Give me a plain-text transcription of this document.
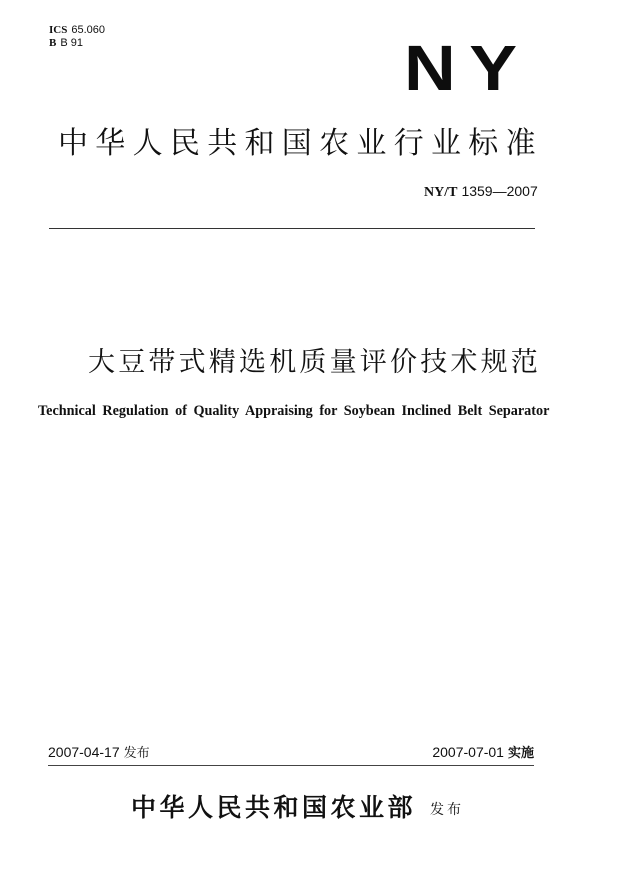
ICS 65.060
B B 91	NY
中华人民共和国农业行业标准
NY/T 1359—2007
大豆带式精选机质量评价技术规范
Technical Regulation of Quality Appraising for Soybean Inclined Belt Separator
2007-04-17 发布	2007-07-01 实施
中华人民共和国农业部 发布
